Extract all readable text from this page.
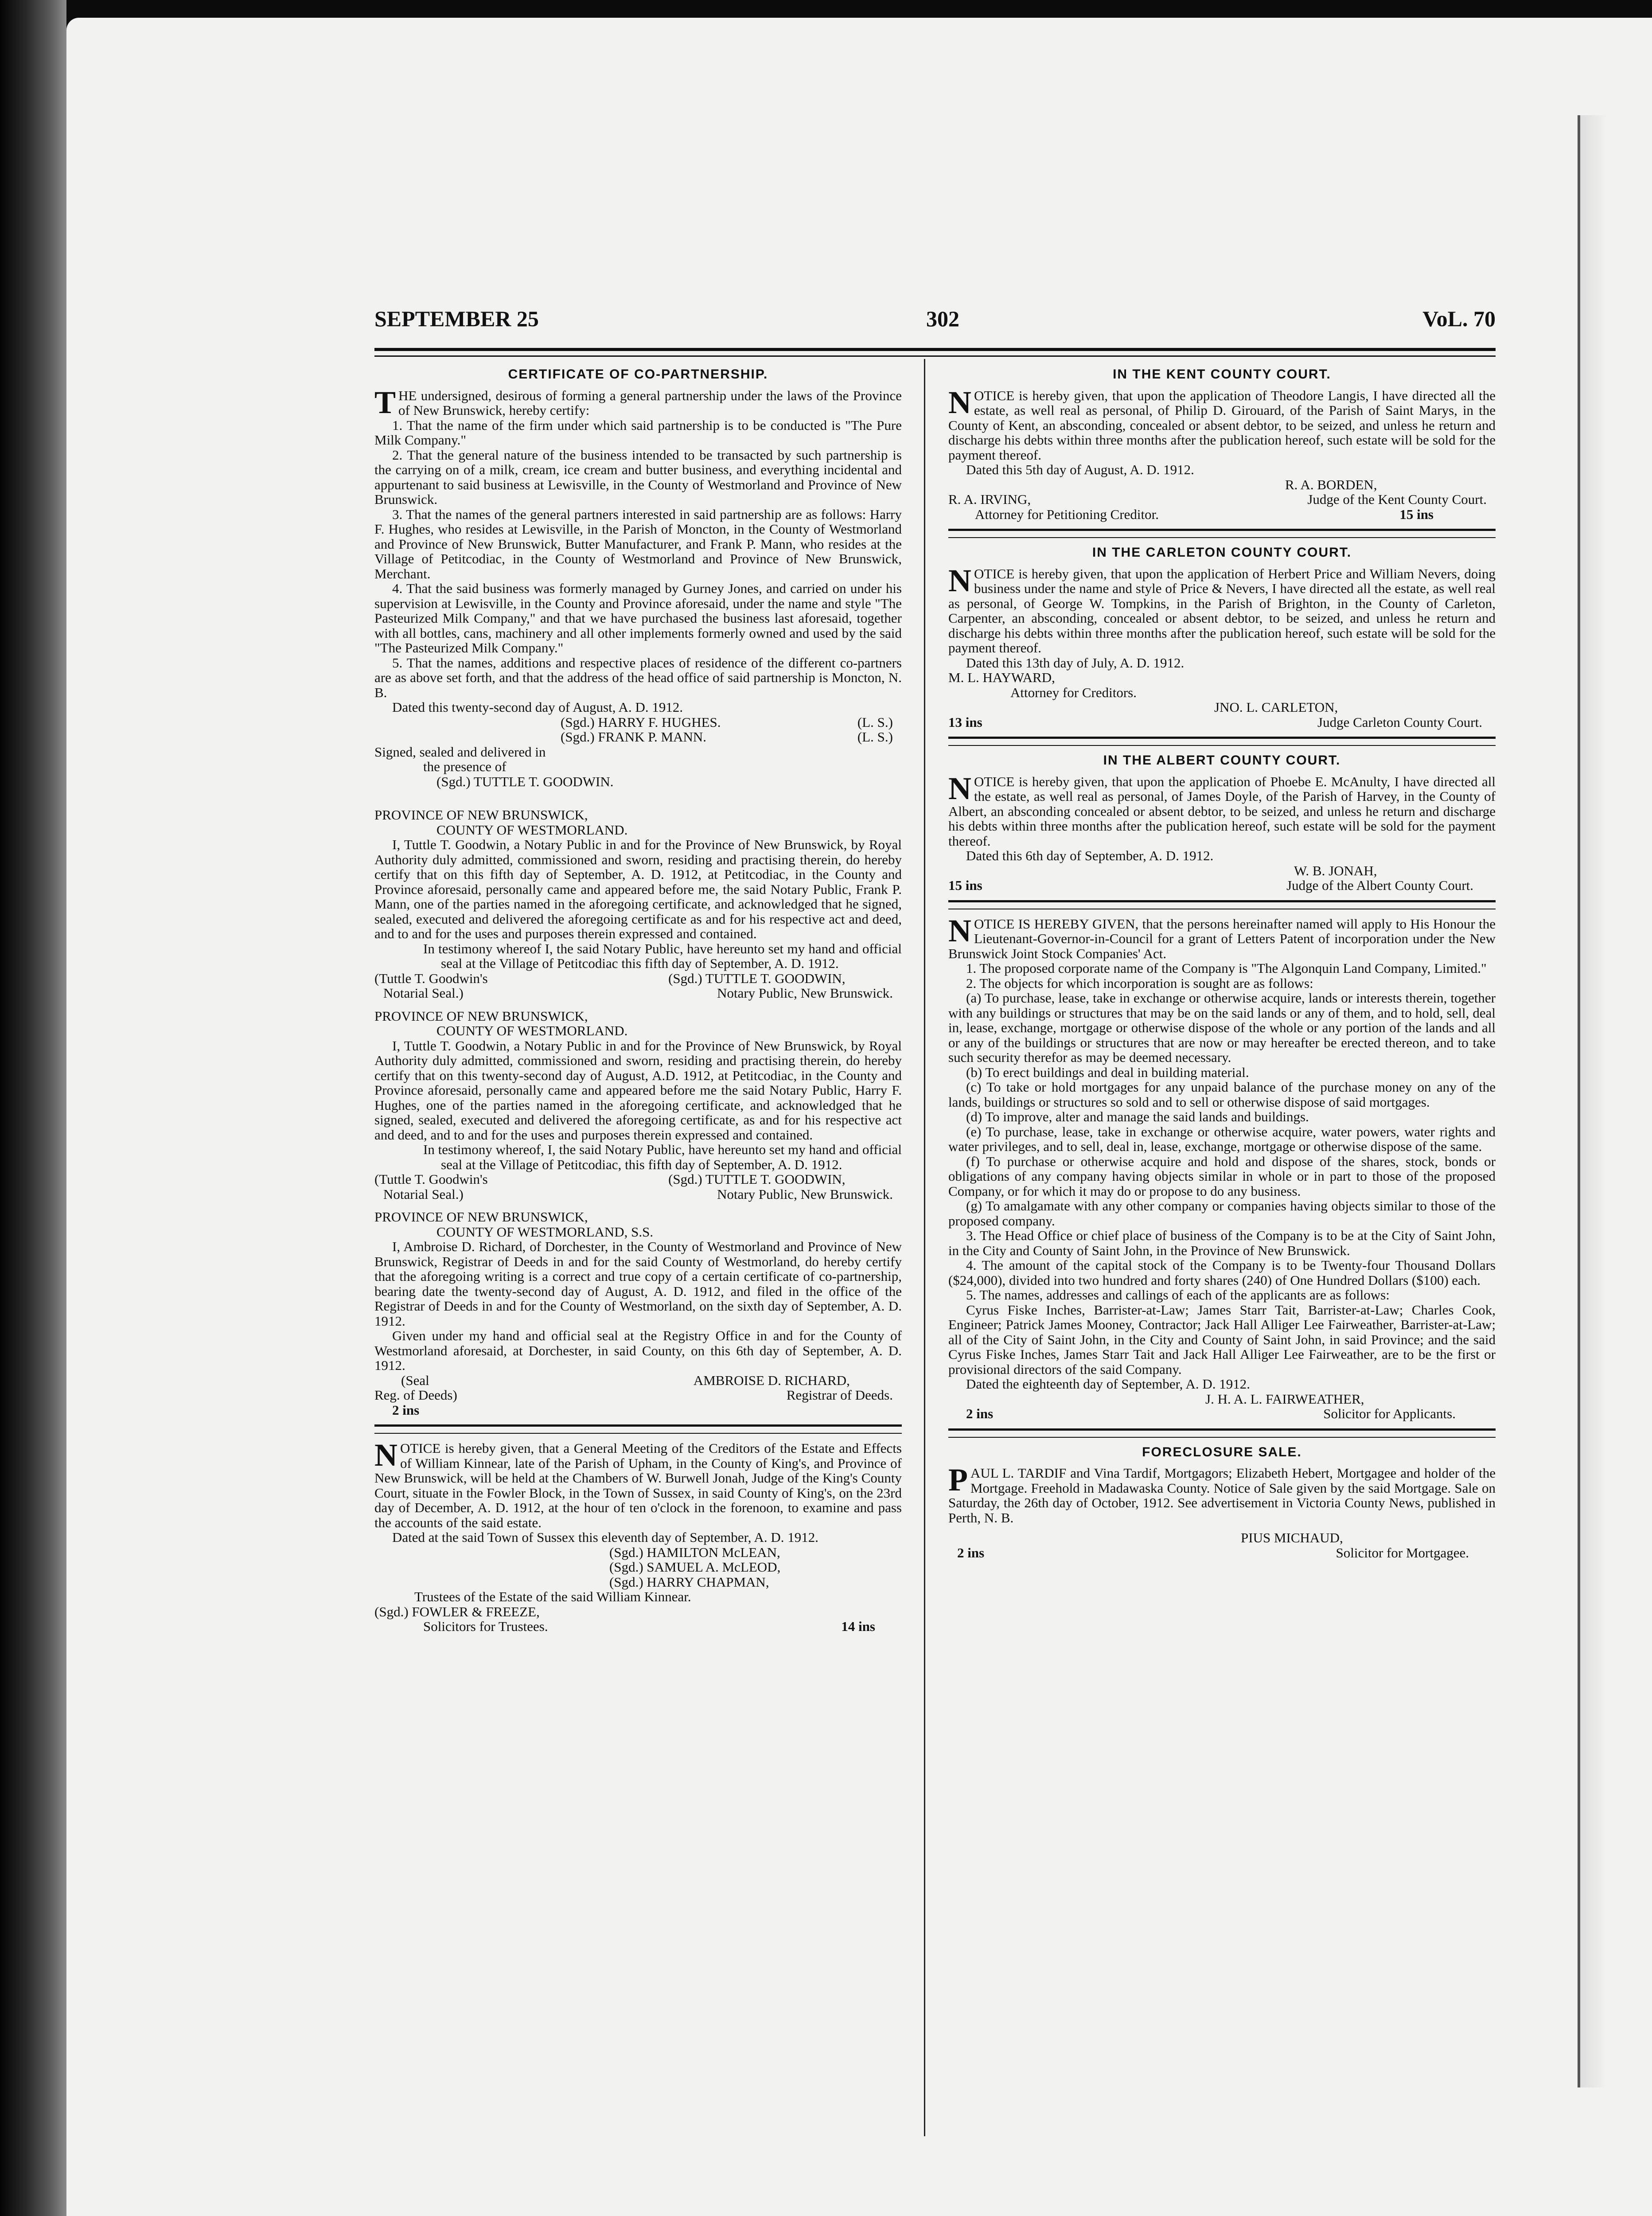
SEPTEMBER 25	302	VoL. 70
CERTIFICATE OF CO-PARTNERSHIP.

THE undersigned, desirous of forming a general partnership under the laws of the Province of New Brunswick, hereby certify:

1. That the name of the firm under which said partnership is to be conducted is "The Pure Milk Company."

2. That the general nature of the business intended to be transacted by such partnership is the carrying on of a milk, cream, ice cream and butter business, and everything incidental and appurtenant to said business at Lewisville, in the County of Westmorland and Province of New Brunswick.

3. That the names of the general partners interested in said partnership are as follows: Harry F. Hughes, who resides at Lewisville, in the Parish of Moncton, in the County of Westmorland and Province of New Brunswick, Butter Manufacturer, and Frank P. Mann, who resides at the Village of Petitcodiac, in the County of Westmorland and Province of New Brunswick, Merchant.

4. That the said business was formerly managed by Gurney Jones, and carried on under his supervision at Lewisville, in the County and Province aforesaid, under the name and style "The Pasteurized Milk Company," and that we have purchased the business last aforesaid, together with all bottles, cans, machinery and all other implements formerly owned and used by the said "The Pasteurized Milk Company."

5. That the names, additions and respective places of residence of the different co-partners are as above set forth, and that the address of the head office of said partnership is Moncton, N. B.

Dated this twenty-second day of August, A. D. 1912.

(Sgd.) HARRY F. HUGHES.	(L. S.)
(Sgd.) FRANK P. MANN.	(L. S.)
Signed, sealed and delivered in
the presence of
(Sgd.) TUTTLE T. GOODWIN.
PROVINCE OF NEW BRUNSWICK,
COUNTY OF WESTMORLAND.

I, Tuttle T. Goodwin, a Notary Public in and for the Province of New Brunswick, by Royal Authority duly admitted, commissioned and sworn, residing and practising therein, do hereby certify that on this fifth day of September, A. D. 1912, at Petitcodiac, in the County and Province aforesaid, personally came and appeared before me, the said Notary Public, Frank P. Mann, one of the parties named in the aforegoing certificate, and acknowledged that he signed, sealed, executed and delivered the aforegoing certificate as and for his respective act and deed, and to and for the uses and purposes therein expressed and contained.

In testimony whereof I, the said Notary Public, have hereunto set my hand and official seal at the Village of Petitcodiac this fifth day of September, A. D. 1912.

(Tuttle T. Goodwin's
Notarial Seal.)
(Sgd.) TUTTLE T. GOODWIN,
Notary Public, New Brunswick.
PROVINCE OF NEW BRUNSWICK,
COUNTY OF WESTMORLAND.

I, Tuttle T. Goodwin, a Notary Public in and for the Province of New Brunswick, by Royal Authority duly admitted, commissioned and sworn, residing and practising therein, do hereby certify that on this twenty-second day of August, A.D. 1912, at Petitcodiac, in the County and Province aforesaid, personally came and appeared before me the said Notary Public, Harry F. Hughes, one of the parties named in the aforegoing certificate, and acknowledged that he signed, sealed, executed and delivered the aforegoing certificate, as and for his respective act and deed, and to and for the uses and purposes therein expressed and contained.

In testimony whereof, I, the said Notary Public, have hereunto set my hand and official seal at the Village of Petitcodiac, this fifth day of September, A. D. 1912.

(Tuttle T. Goodwin's
Notarial Seal.)
(Sgd.) TUTTLE T. GOODWIN,
Notary Public, New Brunswick.
PROVINCE OF NEW BRUNSWICK,
COUNTY OF WESTMORLAND, S.S.

I, Ambroise D. Richard, of Dorchester, in the County of Westmorland and Province of New Brunswick, Registrar of Deeds in and for the said County of Westmorland, do hereby certify that the aforegoing writing is a correct and true copy of a certain certificate of co-partnership, bearing date the twenty-second day of August, A. D. 1912, and filed in the office of the Registrar of Deeds in and for the County of Westmorland, on the sixth day of September, A. D. 1912.

Given under my hand and official seal at the Registry Office in and for the County of Westmorland aforesaid, at Dorchester, in said County, on this 6th day of September, A. D. 1912.

(Seal
Reg. of Deeds)
2 ins
AMBROISE D. RICHARD,
Registrar of Deeds.

NOTICE is hereby given, that a General Meeting of the Creditors of the Estate and Effects of William Kinnear, late of the Parish of Upham, in the County of King's, and Province of New Brunswick, will be held at the Chambers of W. Burwell Jonah, Judge of the King's County Court, situate in the Fowler Block, in the Town of Sussex, in said County of King's, on the 23rd day of December, A. D. 1912, at the hour of ten o'clock in the forenoon, to examine and pass the accounts of the said estate.

Dated at the said Town of Sussex this eleventh day of September, A. D. 1912.

(Sgd.) HAMILTON McLEAN,
(Sgd.) SAMUEL A. McLEOD,
(Sgd.) HARRY CHAPMAN,
Trustees of the Estate of the said William Kinnear.
(Sgd.) FOWLER & FREEZE,
Solicitors for Trustees.	14 ins
IN THE KENT COUNTY COURT.

NOTICE is hereby given, that upon the application of Theodore Langis, I have directed all the estate, as well real as personal, of Philip D. Girouard, of the Parish of Saint Marys, in the County of Kent, an absconding, concealed or absent debtor, to be seized, and unless he return and discharge his debts within three months after the publication hereof, such estate will be sold for the payment thereof.

Dated this 5th day of August, A. D. 1912.

R. A. BORDEN,
R. A. IRVING,	Judge of the Kent County Court.
Attorney for Petitioning Creditor.	15 ins
IN THE CARLETON COUNTY COURT.

NOTICE is hereby given, that upon the application of Herbert Price and William Nevers, doing business under the name and style of Price & Nevers, I have directed all the estate, as well real as personal, of George W. Tompkins, in the Parish of Brighton, in the County of Carleton, Carpenter, an absconding, concealed or absent debtor, to be seized, and unless he return and discharge his debts within three months after the publication hereof, such estate will be sold for the payment thereof.

Dated this 13th day of July, A. D. 1912.

M. L. HAYWARD,
Attorney for Creditors.
JNO. L. CARLETON,
13 ins	Judge Carleton County Court.
IN THE ALBERT COUNTY COURT.

NOTICE is hereby given, that upon the application of Phoebe E. McAnulty, I have directed all the estate, as well real as personal, of James Doyle, of the Parish of Harvey, in the County of Albert, an absconding concealed or absent debtor, to be seized, and unless he return and discharge his debts within three months after the publication hereof, such estate will be sold for the payment thereof.

Dated this 6th day of September, A. D. 1912.

W. B. JONAH,
15 ins	Judge of the Albert County Court.

NOTICE IS HEREBY GIVEN, that the persons hereinafter named will apply to His Honour the Lieutenant-Governor-in-Council for a grant of Letters Patent of incorporation under the New Brunswick Joint Stock Companies' Act.

1. The proposed corporate name of the Company is "The Algonquin Land Company, Limited."

2. The objects for which incorporation is sought are as follows:

(a) To purchase, lease, take in exchange or otherwise acquire, lands or interests therein, together with any buildings or structures that may be on the said lands or any of them, and to hold, sell, deal in, lease, exchange, mortgage or otherwise dispose of the whole or any portion of the lands and all or any of the buildings or structures that are now or may hereafter be erected thereon, and to take such security therefor as may be deemed necessary.

(b) To erect buildings and deal in building material.

(c) To take or hold mortgages for any unpaid balance of the purchase money on any of the lands, buildings or structures so sold and to sell or otherwise dispose of said mortgages.

(d) To improve, alter and manage the said lands and buildings.

(e) To purchase, lease, take in exchange or otherwise acquire, water powers, water rights and water privileges, and to sell, deal in, lease, exchange, mortgage or otherwise dispose of the same.

(f) To purchase or otherwise acquire and hold and dispose of the shares, stock, bonds or obligations of any company having objects similar in whole or in part to those of the proposed Company, or for which it may do or propose to do any business.

(g) To amalgamate with any other company or companies having objects similar to those of the proposed company.

3. The Head Office or chief place of business of the Company is to be at the City of Saint John, in the City and County of Saint John, in the Province of New Brunswick.

4. The amount of the capital stock of the Company is to be Twenty-four Thousand Dollars ($24,000), divided into two hundred and forty shares (240) of One Hundred Dollars ($100) each.

5. The names, addresses and callings of each of the applicants are as follows:

Cyrus Fiske Inches, Barrister-at-Law; James Starr Tait, Barrister-at-Law; Charles Cook, Engineer; Patrick James Mooney, Contractor; Jack Hall Alliger Lee Fairweather, Barrister-at-Law; all of the City of Saint John, in the City and County of Saint John, in said Province; and the said Cyrus Fiske Inches, James Starr Tait and Jack Hall Alliger Lee Fairweather, are to be the first or provisional directors of the said Company.

Dated the eighteenth day of September, A. D. 1912.

J. H. A. L. FAIRWEATHER,
2 ins	Solicitor for Applicants.
FORECLOSURE SALE.

PAUL L. TARDIF and Vina Tardif, Mortgagors; Elizabeth Hebert, Mortgagee and holder of the Mortgage. Freehold in Madawaska County. Notice of Sale given by the said Mortgage. Sale on Saturday, the 26th day of October, 1912. See advertisement in Victoria County News, published in Perth, N. B.

PIUS MICHAUD,
2 ins	Solicitor for Mortgagee.
